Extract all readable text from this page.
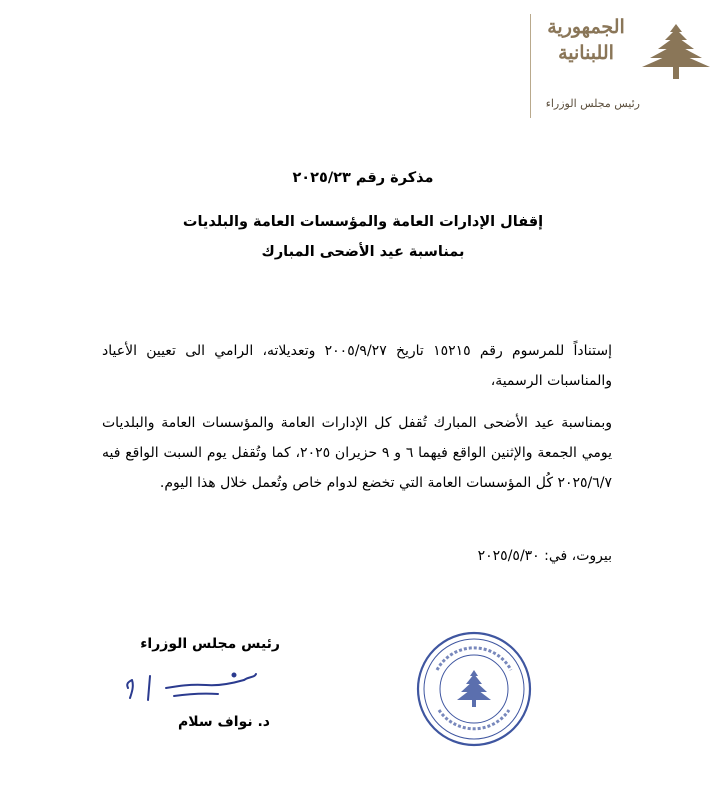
الجمهورية اللبنانية
رئيس مجلس الوزراء
مذكرة رقم ٢٠٢٥/٢٣
إقفال الإدارات العامة والمؤسسات العامة والبلديات
بمناسبة عيد الأضحى المبارك
إستناداً للمرسوم رقم ١٥٢١٥ تاريخ ٢٠٠٥/٩/٢٧ وتعديلاته، الرامي الى تعيين الأعياد والمناسبات الرسمية،
وبمناسبة عيد الأضحى المبارك تُقفل كل الإدارات العامة والمؤسسات العامة والبلديات يومي الجمعة والإثنين الواقع فيهما ٦ و ٩ حزيران ٢٠٢٥، كما وتُقفل يوم السبت الواقع فيه ٢٠٢٥/٦/٧ كُل المؤسسات العامة التي تخضع لدوام خاص وتُعمل خلال هذا اليوم.
بيروت، في: ٢٠٢٥/٥/٣٠
رئيس مجلس الوزراء
د. نواف سلام
